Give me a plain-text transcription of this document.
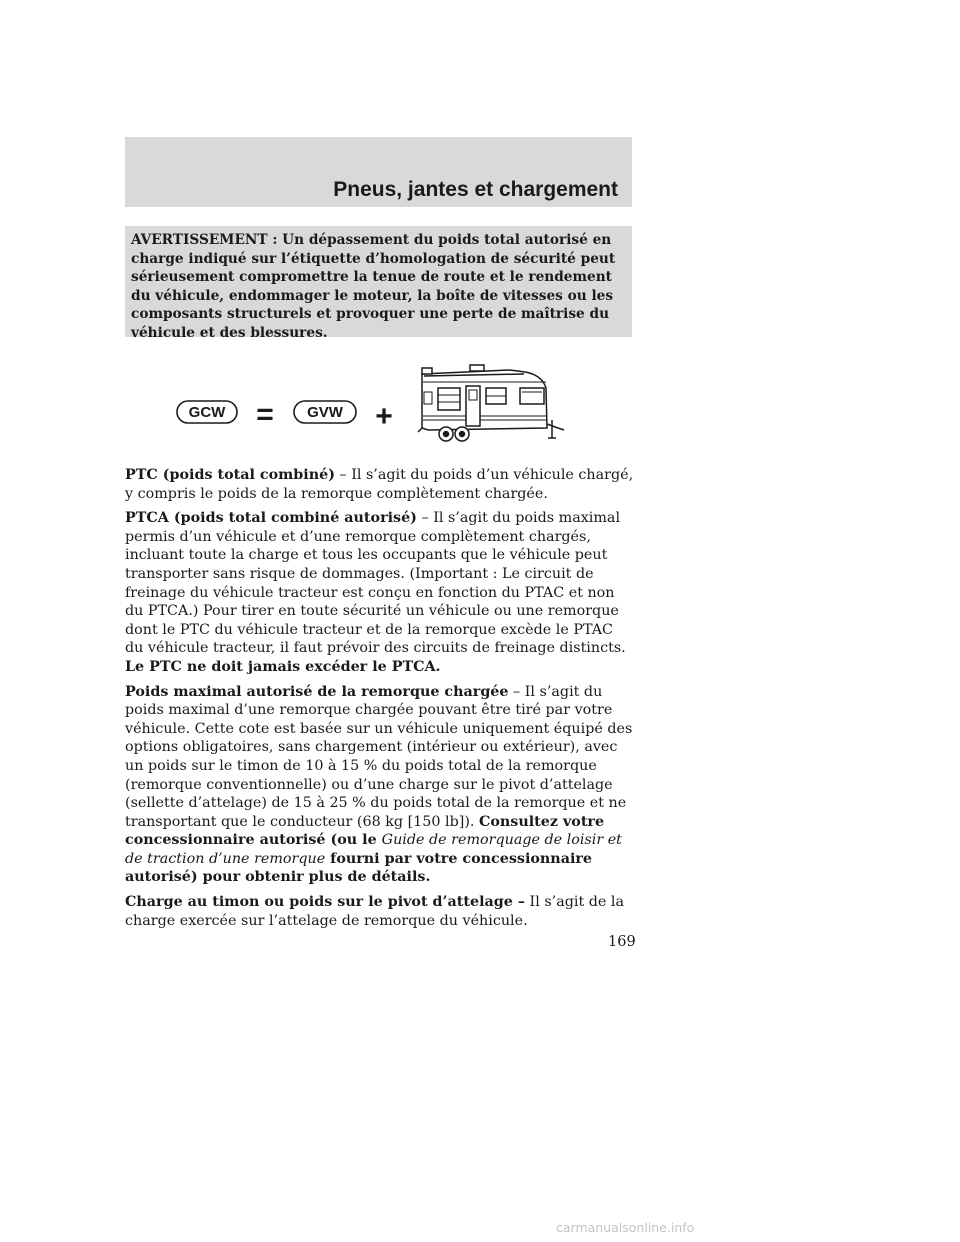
Pneus, jantes et chargement
AVERTISSEMENT : Un dépassement du poids total autorisé en charge indiqué sur l’étiquette d’homologation de sécurité peut sérieusement compromettre la tenue de route et le rendement du véhicule, endommager le moteur, la boîte de vitesses ou les composants structurels et provoquer une perte de maîtrise du véhicule et des blessures.
GCW = GVW +

PTC (poids total combiné) – Il s’agit du poids d’un véhicule chargé, y compris le poids de la remorque complètement chargée.

PTCA (poids total combiné autorisé) – Il s’agit du poids maximal permis d’un véhicule et d’une remorque complètement chargés, incluant toute la charge et tous les occupants que le véhicule peut transporter sans risque de dommages. (Important : Le circuit de freinage du véhicule tracteur est conçu en fonction du PTAC et non du PTCA.) Pour tirer en toute sécurité un véhicule ou une remorque dont le PTC du véhicule tracteur et de la remorque excède le PTAC du véhicule tracteur, il faut prévoir des circuits de freinage distincts. Le PTC ne doit jamais excéder le PTCA.

Poids maximal autorisé de la remorque chargée – Il s’agit du poids maximal d’une remorque chargée pouvant être tiré par votre véhicule. Cette cote est basée sur un véhicule uniquement équipé des options obligatoires, sans chargement (intérieur ou extérieur), avec un poids sur le timon de 10 à 15 % du poids total de la remorque (remorque conventionnelle) ou d’une charge sur le pivot d’attelage (sellette d’attelage) de 15 à 25 % du poids total de la remorque et ne transportant que le conducteur (68 kg [150 lb]). Consultez votre concessionnaire autorisé (ou le Guide de remorquage de loisir et de traction d’une remorque fourni par votre concessionnaire autorisé) pour obtenir plus de détails.

Charge au timon ou poids sur le pivot d’attelage – Il s’agit de la charge exercée sur l’attelage de remorque du véhicule.

169
carmanualsonline.info
